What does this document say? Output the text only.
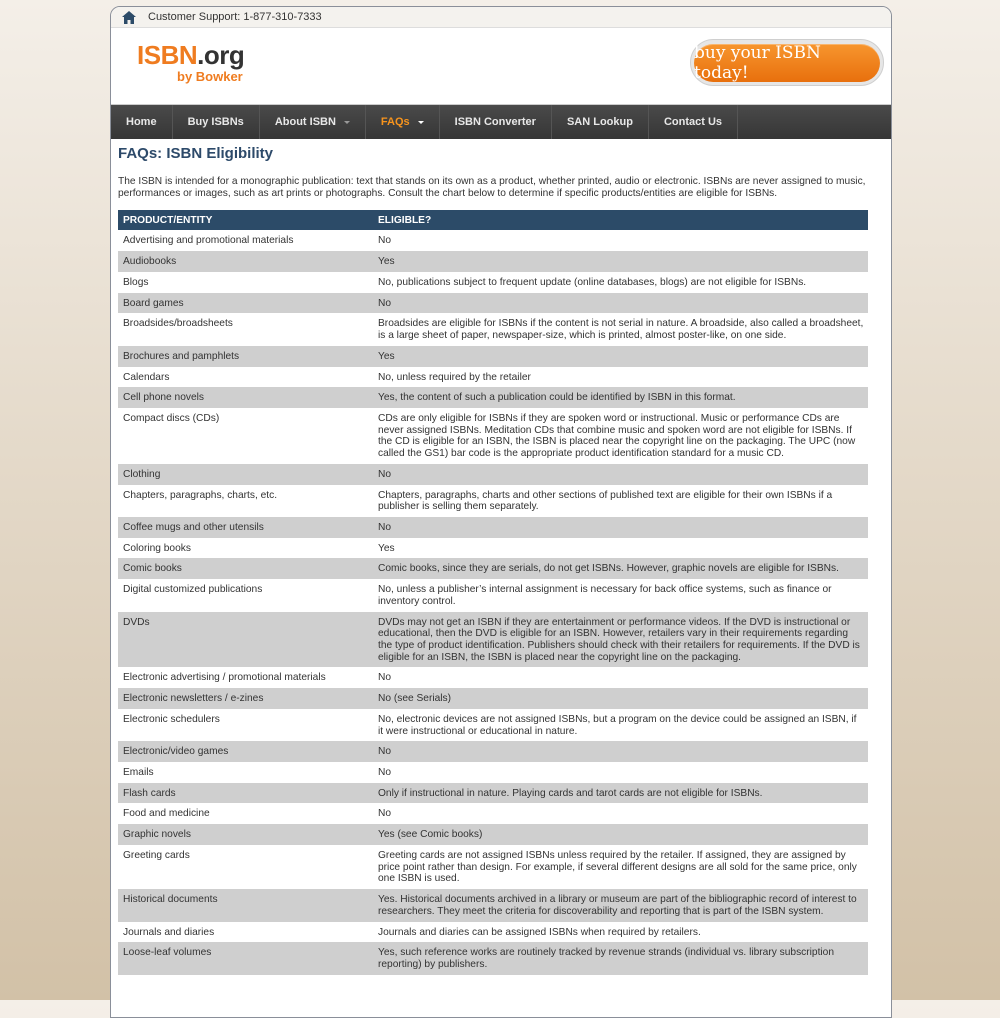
Customer Support: 1-877-310-7333
ISBN.org
by Bowker
buy your ISBN today!
Home	Buy ISBNs	About ISBN	FAQs	ISBN Converter	SAN Lookup	Contact Us
FAQs: ISBN Eligibility

The ISBN is intended for a monographic publication: text that stands on its own as a product, whether printed, audio or electronic. ISBNs are never assigned to music, performances or images, such as art prints or photographs. Consult the chart below to determine if specific products/entities are eligible for ISBNs.

PRODUCT/ENTITY	ELIGIBLE?
Advertising and promotional materials	No
Audiobooks	Yes
Blogs	No, publications subject to frequent update (online databases, blogs) are not eligible for ISBNs.
Board games	No
Broadsides/broadsheets	Broadsides are eligible for ISBNs if the content is not serial in nature. A broadside, also called a broadsheet, is a large sheet of paper, newspaper-size, which is printed, almost poster-like, on one side.
Brochures and pamphlets	Yes
Calendars	No, unless required by the retailer
Cell phone novels	Yes, the content of such a publication could be identified by ISBN in this format.
Compact discs (CDs)	CDs are only eligible for ISBNs if they are spoken word or instructional. Music or performance CDs are never assigned ISBNs. Meditation CDs that combine music and spoken word are not eligible for ISBNs. If the CD is eligible for an ISBN, the ISBN is placed near the copyright line on the packaging. The UPC (now called the GS1) bar code is the appropriate product identification standard for a music CD.
Clothing	No
Chapters, paragraphs, charts, etc.	Chapters, paragraphs, charts and other sections of published text are eligible for their own ISBNs if a publisher is selling them separately.
Coffee mugs and other utensils	No
Coloring books	Yes
Comic books	Comic books, since they are serials, do not get ISBNs. However, graphic novels are eligible for ISBNs.
Digital customized publications	No, unless a publisher’s internal assignment is necessary for back office systems, such as finance or inventory control.
DVDs	DVDs may not get an ISBN if they are entertainment or performance videos. If the DVD is instructional or educational, then the DVD is eligible for an ISBN. However, retailers vary in their requirements regarding the type of product identification. Publishers should check with their retailers for requirements. If the DVD is eligible for an ISBN, the ISBN is placed near the copyright line on the packaging.
Electronic advertising / promotional materials	No
Electronic newsletters / e-zines	No (see Serials)
Electronic schedulers	No, electronic devices are not assigned ISBNs, but a program on the device could be assigned an ISBN, if it were instructional or educational in nature.
Electronic/video games	No
Emails	No
Flash cards	Only if instructional in nature. Playing cards and tarot cards are not eligible for ISBNs.
Food and medicine	No
Graphic novels	Yes (see Comic books)
Greeting cards	Greeting cards are not assigned ISBNs unless required by the retailer. If assigned, they are assigned by price point rather than design. For example, if several different designs are all sold for the same price, only one ISBN is used.
Historical documents	Yes. Historical documents archived in a library or museum are part of the bibliographic record of interest to researchers. They meet the criteria for discoverability and reporting that is part of the ISBN system.
Journals and diaries	Journals and diaries can be assigned ISBNs when required by retailers.
Loose-leaf volumes	Yes, such reference works are routinely tracked by revenue strands (individual vs. library subscription reporting) by publishers.
